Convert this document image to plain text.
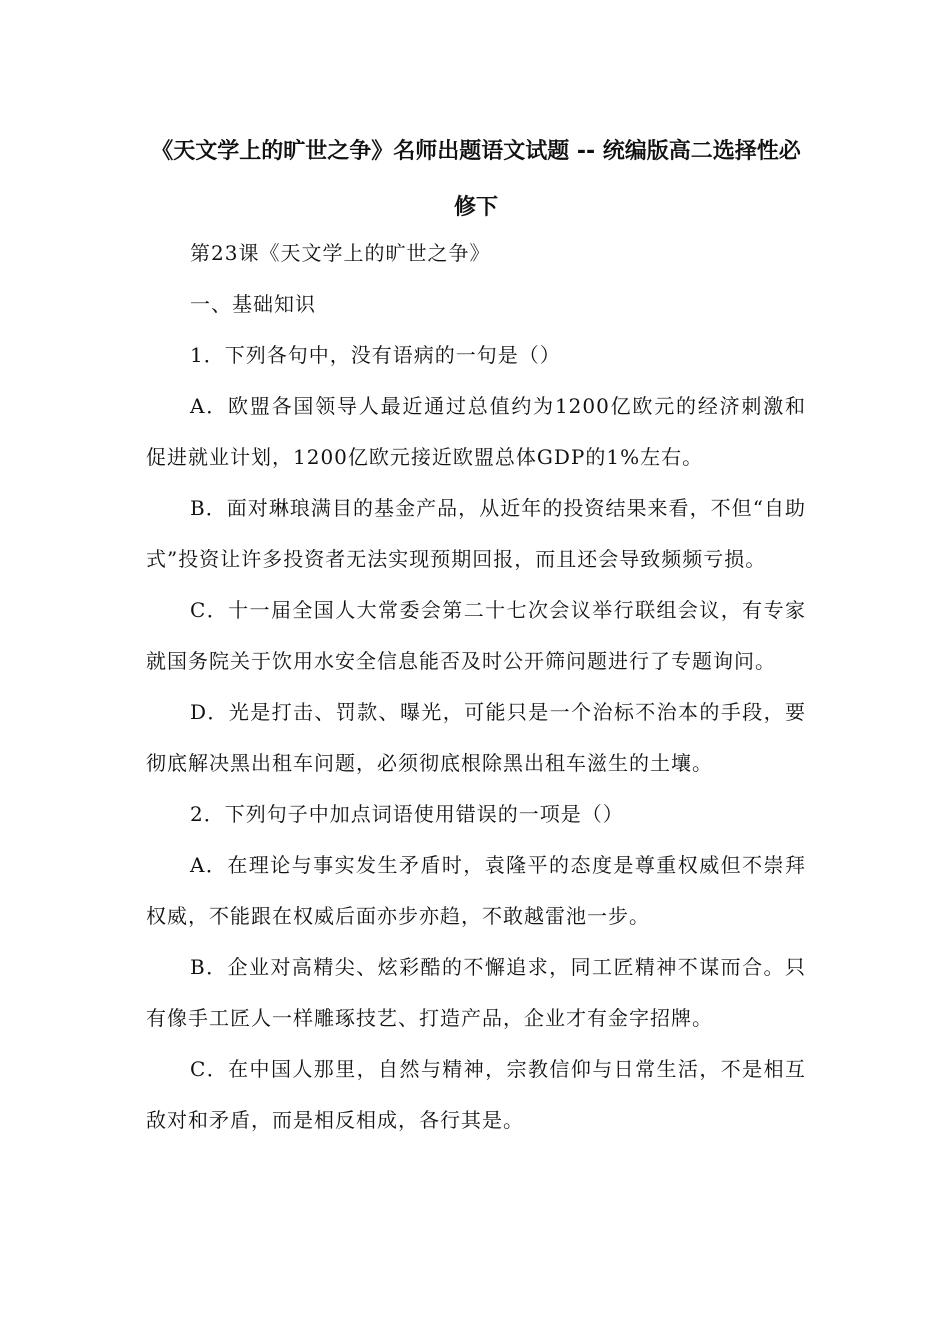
《天文学上的旷世之争》名师出题语文试题 -- 统编版高二选择性必修下

第23课《天文学上的旷世之争》

一、基础知识

1．下列各句中，没有语病的一句是（）

A．欧盟各国领导人最近通过总值约为1200亿欧元的经济刺激和促进就业计划，1200亿欧元接近欧盟总体GDP的1%左右。

B．面对琳琅满目的基金产品，从近年的投资结果来看，不但“自助式”投资让许多投资者无法实现预期回报，而且还会导致频频亏损。

C．十一届全国人大常委会第二十七次会议举行联组会议，有专家就国务院关于饮用水安全信息能否及时公开筛问题进行了专题询问。

D．光是打击、罚款、曝光，可能只是一个治标不治本的手段，要彻底解决黑出租车问题，必须彻底根除黑出租车滋生的土壤。

2．下列句子中加点词语使用错误的一项是（）

A．在理论与事实发生矛盾时，袁隆平的态度是尊重权威但不崇拜权威，不能跟在权威后面亦步亦趋，不敢越雷池一步。

B．企业对高精尖、炫彩酷的不懈追求，同工匠精神不谋而合。只有像手工匠人一样雕琢技艺、打造产品，企业才有金字招牌。

C．在中国人那里，自然与精神，宗教信仰与日常生活，不是相互敌对和矛盾，而是相反相成，各行其是。
